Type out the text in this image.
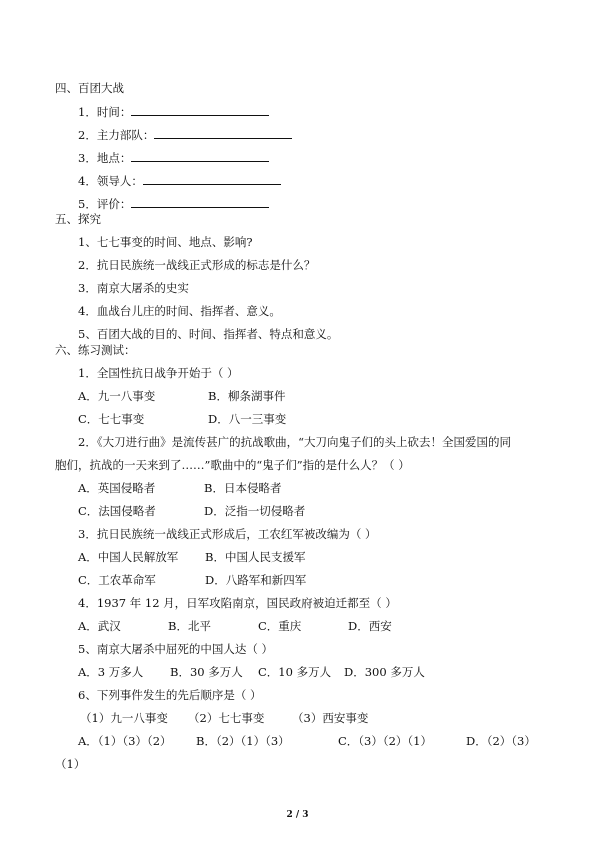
四、百团大战
1．时间：
2．主力部队：
3．地点：
4．领导人：
5．评价：
五、探究
1、七七事变的时间、地点、影响?
2．抗日民族统一战线正式形成的标志是什么？
3．南京大屠杀的史实
4．血战台儿庄的时间、指挥者、意义。
5、百团大战的目的、时间、指挥者、特点和意义。
六、练习测试：
1．全国性抗日战争开始于（ ）
A．九一八事变	B．柳条湖事件
C．七七事变	D．八一三事变
2．《大刀进行曲》是流传甚广的抗战歌曲，“大刀向鬼子们的头上砍去！全国爱国的同
胞们，抗战的一天来到了……”歌曲中的“鬼子们”指的是什么人？（ ）
A．英国侵略者	B．日本侵略者
C．法国侵略者	D．泛指一切侵略者
3．抗日民族统一战线正式形成后，工农红军被改编为（ ）
A．中国人民解放军 B．中国人民支援军
C．工农革命军	D．八路军和新四军
4．1937 年 12 月，日军攻陷南京，国民政府被迫迁都至（ ）
A．武汉	B．北平	C．重庆	D．西安
5、南京大屠杀中屈死的中国人达（ ）
A．3 万多人 B．30 多万人 C．10 多万人 D．300 多万人
6、下列事件发生的先后顺序是（ ）
（1）九一八事变 （2）七七事变 （3）西安事变
A．（1）（3）（2） B．（2）（1）（3）	C．（3）（2）（1）	D．（2）（3）
（1）
2 / 3
